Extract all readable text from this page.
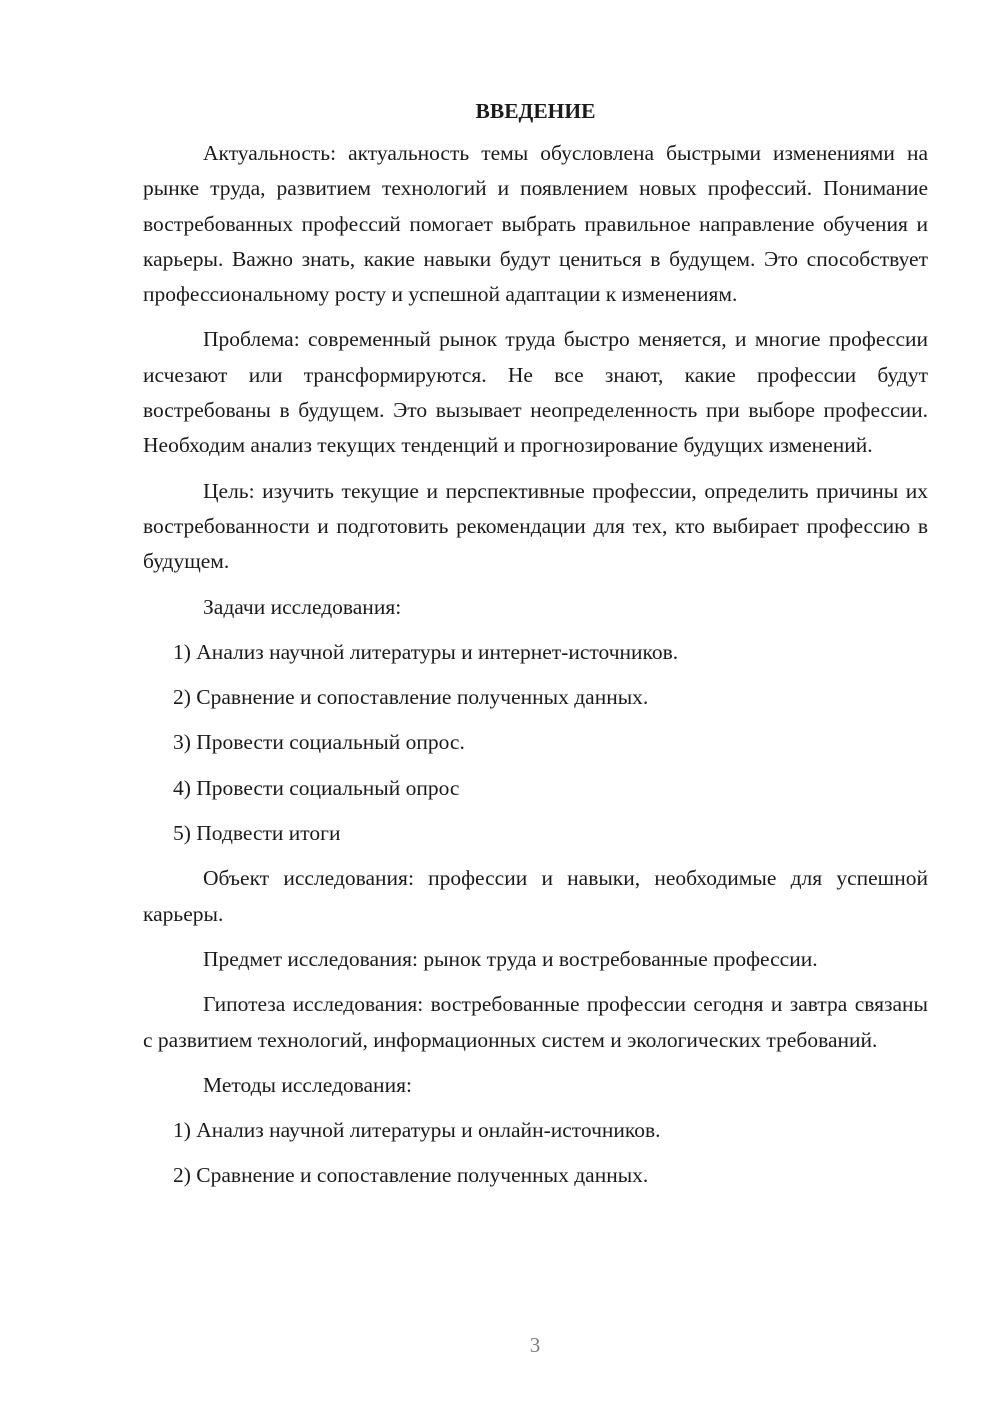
ВВЕДЕНИЕ
Актуальность: актуальность темы обусловлена быстрыми изменениями на рынке труда, развитием технологий и появлением новых профессий. Понимание востребованных профессий помогает выбрать правильное направление обучения и карьеры. Важно знать, какие навыки будут цениться в будущем. Это способствует профессиональному росту и успешной адаптации к изменениям.
Проблема: современный рынок труда быстро меняется, и многие профессии исчезают или трансформируются. Не все знают, какие профессии будут востребованы в будущем. Это вызывает неопределенность при выборе профессии. Необходим анализ текущих тенденций и прогнозирование будущих изменений.
Цель: изучить текущие и перспективные профессии, определить причины их востребованности и подготовить рекомендации для тех, кто выбирает профессию в будущем.
Задачи исследования:
1) Анализ научной литературы и интернет-источников.
2) Сравнение и сопоставление полученных данных.
3) Провести социальный опрос.
4) Провести социальный опрос
5) Подвести итоги
Объект исследования: профессии и навыки, необходимые для успешной карьеры.
Предмет исследования: рынок труда и востребованные профессии.
Гипотеза исследования: востребованные профессии сегодня и завтра связаны с развитием технологий, информационных систем и экологических требований.
Методы исследования:
1) Анализ научной литературы и онлайн-источников.
2) Сравнение и сопоставление полученных данных.
3
